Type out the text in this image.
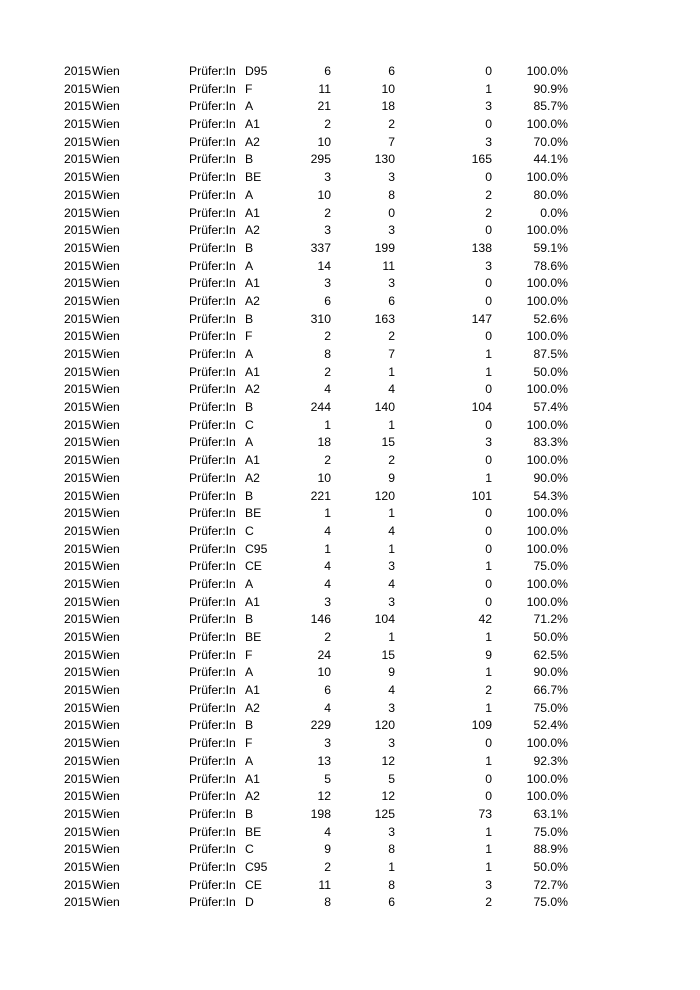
2015 Wien	Prüfer:In D95	6	6	0	100.0%
2015 Wien	Prüfer:In F	11	10	1	90.9%
2015 Wien	Prüfer:In A	21	18	3	85.7%
2015 Wien	Prüfer:In A1	2	2	0	100.0%
2015 Wien	Prüfer:In A2	10	7	3	70.0%
2015 Wien	Prüfer:In B	295	130	165	44.1%
2015 Wien	Prüfer:In BE	3	3	0	100.0%
2015 Wien	Prüfer:In A	10	8	2	80.0%
2015 Wien	Prüfer:In A1	2	0	2	0.0%
2015 Wien	Prüfer:In A2	3	3	0	100.0%
2015 Wien	Prüfer:In B	337	199	138	59.1%
2015 Wien	Prüfer:In A	14	11	3	78.6%
2015 Wien	Prüfer:In A1	3	3	0	100.0%
2015 Wien	Prüfer:In A2	6	6	0	100.0%
2015 Wien	Prüfer:In B	310	163	147	52.6%
2015 Wien	Prüfer:In F	2	2	0	100.0%
2015 Wien	Prüfer:In A	8	7	1	87.5%
2015 Wien	Prüfer:In A1	2	1	1	50.0%
2015 Wien	Prüfer:In A2	4	4	0	100.0%
2015 Wien	Prüfer:In B	244	140	104	57.4%
2015 Wien	Prüfer:In C	1	1	0	100.0%
2015 Wien	Prüfer:In A	18	15	3	83.3%
2015 Wien	Prüfer:In A1	2	2	0	100.0%
2015 Wien	Prüfer:In A2	10	9	1	90.0%
2015 Wien	Prüfer:In B	221	120	101	54.3%
2015 Wien	Prüfer:In BE	1	1	0	100.0%
2015 Wien	Prüfer:In C	4	4	0	100.0%
2015 Wien	Prüfer:In C95	1	1	0	100.0%
2015 Wien	Prüfer:In CE	4	3	1	75.0%
2015 Wien	Prüfer:In A	4	4	0	100.0%
2015 Wien	Prüfer:In A1	3	3	0	100.0%
2015 Wien	Prüfer:In B	146	104	42	71.2%
2015 Wien	Prüfer:In BE	2	1	1	50.0%
2015 Wien	Prüfer:In F	24	15	9	62.5%
2015 Wien	Prüfer:In A	10	9	1	90.0%
2015 Wien	Prüfer:In A1	6	4	2	66.7%
2015 Wien	Prüfer:In A2	4	3	1	75.0%
2015 Wien	Prüfer:In B	229	120	109	52.4%
2015 Wien	Prüfer:In F	3	3	0	100.0%
2015 Wien	Prüfer:In A	13	12	1	92.3%
2015 Wien	Prüfer:In A1	5	5	0	100.0%
2015 Wien	Prüfer:In A2	12	12	0	100.0%
2015 Wien	Prüfer:In B	198	125	73	63.1%
2015 Wien	Prüfer:In BE	4	3	1	75.0%
2015 Wien	Prüfer:In C	9	8	1	88.9%
2015 Wien	Prüfer:In C95	2	1	1	50.0%
2015 Wien	Prüfer:In CE	11	8	3	72.7%
2015 Wien	Prüfer:In D	8	6	2	75.0%
